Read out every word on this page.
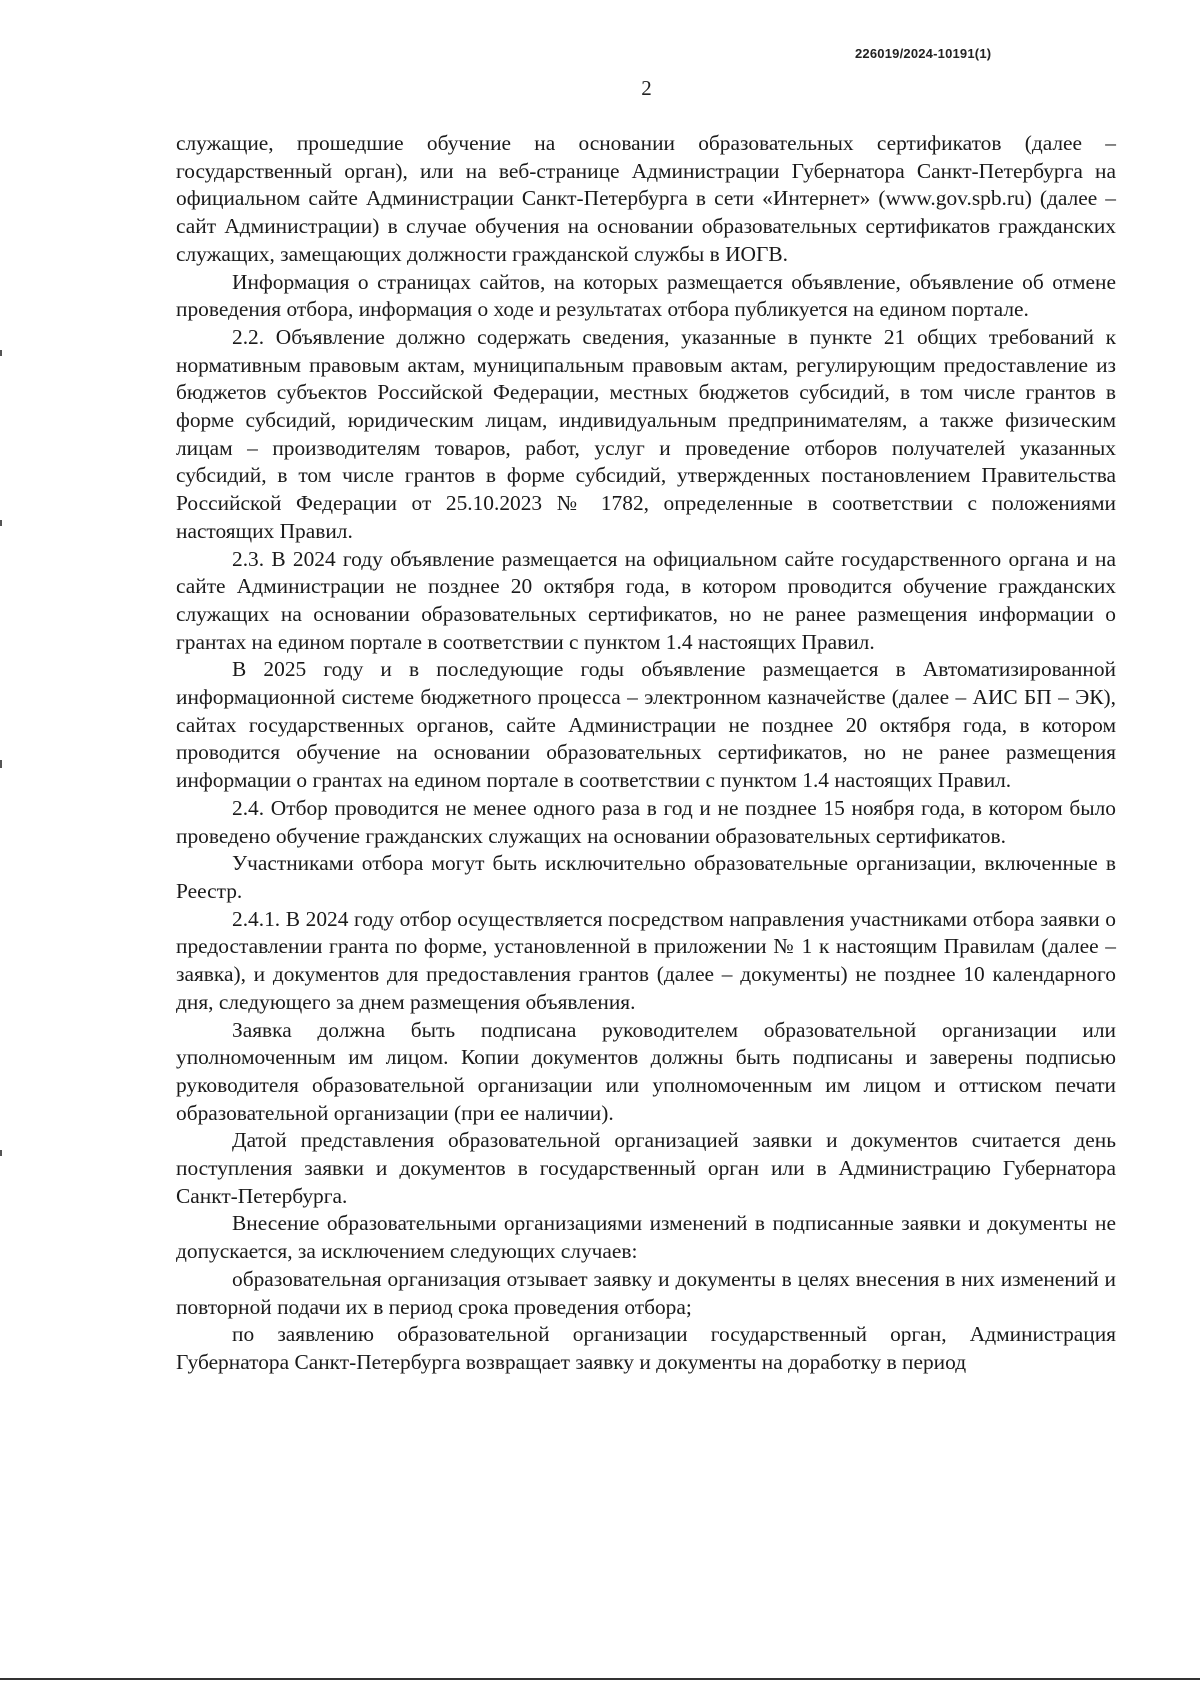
226019/2024-10191(1)
2

служащие, прошедшие обучение на основании образовательных сертификатов (далее – государственный орган), или на веб-странице Администрации Губернатора Санкт-Петербурга на официальном сайте Администрации Санкт-Петербурга в сети «Интернет» (www.gov.spb.ru) (далее – сайт Администрации) в случае обучения на основании образовательных сертификатов гражданских служащих, замещающих должности гражданской службы в ИОГВ.

Информация о страницах сайтов, на которых размещается объявление, объявление об отмене проведения отбора, информация о ходе и результатах отбора публикуется на едином портале.

2.2. Объявление должно содержать сведения, указанные в пункте 21 общих требований к нормативным правовым актам, муниципальным правовым актам, регулирующим предоставление из бюджетов субъектов Российской Федерации, местных бюджетов субсидий, в том числе грантов в форме субсидий, юридическим лицам, индивидуальным предпринимателям, а также физическим лицам – производителям товаров, работ, услуг и проведение отборов получателей указанных субсидий, в том числе грантов в форме субсидий, утвержденных постановлением Правительства Российской Федерации от 25.10.2023 № 1782, определенные в соответствии с положениями настоящих Правил.

2.3. В 2024 году объявление размещается на официальном сайте государственного органа и на сайте Администрации не позднее 20 октября года, в котором проводится обучение гражданских служащих на основании образовательных сертификатов, но не ранее размещения информации о грантах на едином портале в соответствии с пунктом 1.4 настоящих Правил.

В 2025 году и в последующие годы объявление размещается в Автоматизированной информационной системе бюджетного процесса – электронном казначействе (далее – АИС БП – ЭК), сайтах государственных органов, сайте Администрации не позднее 20 октября года, в котором проводится обучение на основании образовательных сертификатов, но не ранее размещения информации о грантах на едином портале в соответствии с пунктом 1.4 настоящих Правил.

2.4. Отбор проводится не менее одного раза в год и не позднее 15 ноября года, в котором было проведено обучение гражданских служащих на основании образовательных сертификатов.

Участниками отбора могут быть исключительно образовательные организации, включенные в Реестр.

2.4.1. В 2024 году отбор осуществляется посредством направления участниками отбора заявки о предоставлении гранта по форме, установленной в приложении № 1 к настоящим Правилам (далее – заявка), и документов для предоставления грантов (далее – документы) не позднее 10 календарного дня, следующего за днем размещения объявления.

Заявка должна быть подписана руководителем образовательной организации или уполномоченным им лицом. Копии документов должны быть подписаны и заверены подписью руководителя образовательной организации или уполномоченным им лицом и оттиском печати образовательной организации (при ее наличии).

Датой представления образовательной организацией заявки и документов считается день поступления заявки и документов в государственный орган или в Администрацию Губернатора Санкт-Петербурга.

Внесение образовательными организациями изменений в подписанные заявки и документы не допускается, за исключением следующих случаев:

образовательная организация отзывает заявку и документы в целях внесения в них изменений и повторной подачи их в период срока проведения отбора;

по заявлению образовательной организации государственный орган, Администрация Губернатора Санкт-Петербурга возвращает заявку и документы на доработку в период
